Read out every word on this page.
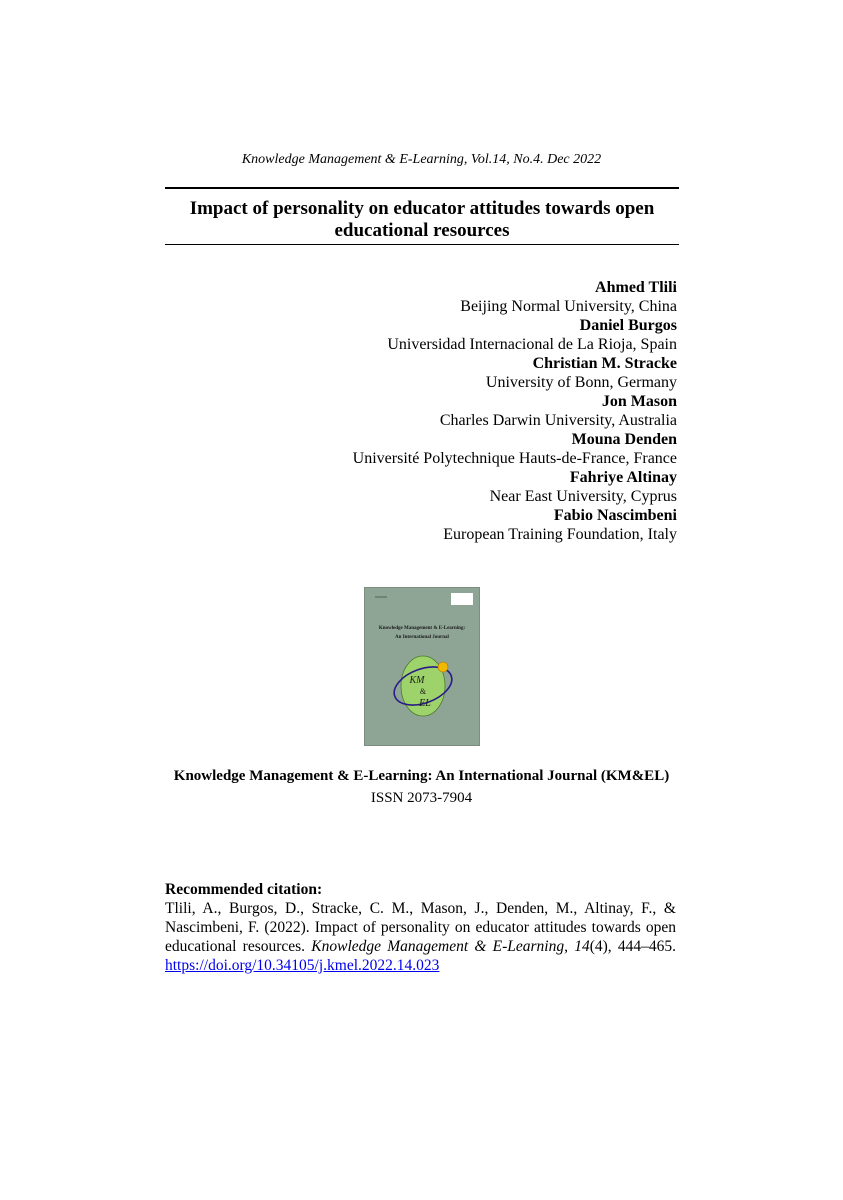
Knowledge Management & E-Learning, Vol.14, No.4. Dec 2022
Impact of personality on educator attitudes towards open
educational resources
Ahmed Tlili
Beijing Normal University, China
Daniel Burgos
Universidad Internacional de La Rioja, Spain
Christian M. Stracke
University of Bonn, Germany
Jon Mason
Charles Darwin University, Australia
Mouna Denden
Université Polytechnique Hauts-de-France, France
Fahriye Altinay
Near East University, Cyprus
Fabio Nascimbeni
European Training Foundation, Italy
KM
&
EL
Knowledge Management & E-Learning:
An International Journal
Knowledge Management & E-Learning: An International Journal (KM&EL)
ISSN 2073-7904
Recommended citation:
Tlili, A., Burgos, D., Stracke, C. M., Mason, J., Denden, M., Altinay, F., & Nascimbeni, F. (2022). Impact of personality on educator attitudes towards open educational resources. Knowledge Management & E-Learning, 14(4), 444–465. https://doi.org/10.34105/j.kmel.2022.14.023
